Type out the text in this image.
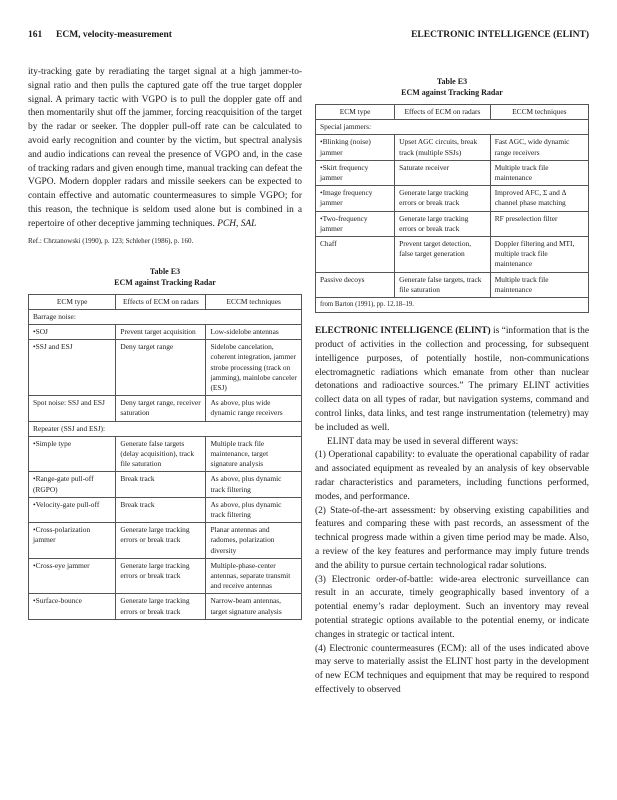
161 ECM, velocity-measurement	ELECTRONIC INTELLIGENCE (ELINT)

ity-tracking gate by reradiating the target signal at a high jammer-to-signal ratio and then pulls the captured gate off the true target doppler signal. A primary tactic with VGPO is to pull the doppler gate off and then momentarily shut off the jammer, forcing reacquisition of the target by the radar or seeker. The doppler pull-off rate can be calculated to avoid early recognition and counter by the victim, but spectral analysis and audio indications can reveal the presence of VGPO and, in the case of tracking radars and given enough time, manual tracking can defeat the VGPO. Modern doppler radars and missile seekers can be expected to contain effective and automatic countermeasures to simple VGPO; for this reason, the technique is seldom used alone but is combined in a repertoire of other deceptive jamming techniques. PCH, SAL

Ref.: Chrzanowski (1990), p. 123; Schleher (1986), p. 160.

Table E3
ECM against Tracking Radar

ECM type	Effects of ECM on radars	ECCM techniques
Barrage noise:		
• SOJ	Prevent target acquisition	Low-sidelobe antennas
• SSJ and ESJ	Deny target range	Sidelobe cancelation, coherent integration, jammer strobe processing (track on jamming), mainlobe canceler (ESJ)
Spot noise: SSJ and ESJ	Deny target range, receiver saturation	As above, plus wide dynamic range receivers
Repeater (SSJ and ESJ):		
• Simple type	Generate false targets (delay acquisition), track file saturation	Multiple track file maintenance, target signature analysis
• Range-gate pull-off (RGPO)	Break track	As above, plus dynamic track filtering
• Velocity-gate pull-off	Break track	As above, plus dynamic track filtering
• Cross-polarization jammer	Generate large tracking errors or break track	Planar antennas and radomes, polarization diversity
• Cross-eye jammer	Generate large tracking errors or break track	Multiple-phase-center antennas, separate transmit and receive antennas
• Surface-bounce	Generate large tracking errors or break track	Narrow-beam antennas, target signature analysis

Table E3
ECM against Tracking Radar

ECM type	Effects of ECM on radars	ECCM techniques
Special jammers:		
• Blinking (noise) jammer	Upset AGC circuits, break track (multiple SSJs)	Fast AGC, wide dynamic range receivers
• Skirt frequency jammer	Saturate receiver	Multiple track file maintenance
• Image frequency jammer	Generate large tracking errors or break track	Improved AFC, Σ and Δ channel phase matching
• Two-frequency jammer	Generate large tracking errors or break track	RF preselection filter
Chaff	Prevent target detection, false target generation	Doppler filtering and MTI, multiple track file maintenance
Passive decoys	Generate false targets, track file saturation	Multiple track file maintenance
from Barton (1991), pp. 12.18–19.		

ELECTRONIC INTELLIGENCE (ELINT) is “information that is the product of activities in the collection and processing, for subsequent intelligence purposes, of potentially hostile, non-communications electromagnetic radiations which emanate from other than nuclear detonations and radioactive sources.” The primary ELINT activities collect data on all types of radar, but navigation systems, command and control links, data links, and test range instrumentation (telemetry) may be included as well.

ELINT data may be used in several different ways:

(1) Operational capability: to evaluate the operational capability of radar and associated equipment as revealed by an analysis of key observable radar characteristics and parameters, including functions performed, modes, and performance.

(2) State-of-the-art assessment: by observing existing capabilities and features and comparing these with past records, an assessment of the technical progress made within a given time period may be made. Also, a review of the key features and performance may imply future trends and the ability to pursue certain technological radar solutions.

(3) Electronic order-of-battle: wide-area electronic surveillance can result in an accurate, timely geographically based inventory of a potential enemy’s radar deployment. Such an inventory may reveal potential strategic options available to the potential enemy, or indicate changes in strategic or tactical intent.

(4) Electronic countermeasures (ECM): all of the uses indicated above may serve to materially assist the ELINT host party in the development of new ECM techniques and equipment that may be required to respond effectively to observed
